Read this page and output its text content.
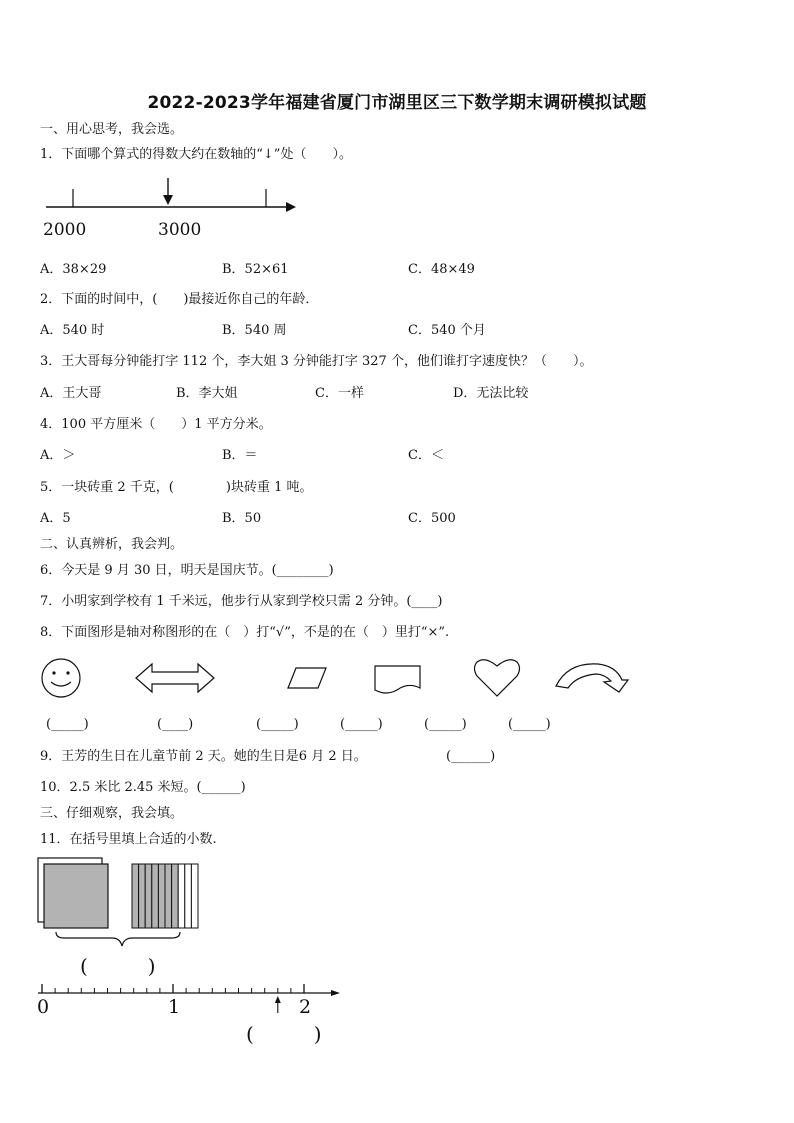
2022-2023学年福建省厦门市湖里区三下数学期末调研模拟试题
一、用心思考，我会选。
1．下面哪个算式的得数大约在数轴的“↓”处（　　）。
2000	3000
A．38×29	B．52×61	C．48×49
2．下面的时间中，(　　)最接近你自己的年龄．
A．540 时	B．540 周	C．540 个月
3．王大哥每分钟能打字 112 个，李大姐 3 分钟能打字 327 个，他们谁打字速度快？（　　）。
A．王大哥	B．李大姐	C．一样	D．无法比较
4．100 平方厘米（　　）1 平方分米。
A．＞	B．＝	C．＜
5．一块砖重 2 千克，(　　　　)块砖重 1 吨。
A．5	B．50	C．500
二、认真辨析，我会判。
6．今天是 9 月 30 日，明天是国庆节。(________)
7．小明家到学校有 1 千米远，他步行从家到学校只需 2 分钟。(____)
8．下面图形是轴对称图形的在（　）打“√”，不是的在（　）里打“×”.
(_____)	(____)	(_____)	(_____)	(_____)	(_____)
9．王芳的生日在儿童节前 2 天。她的生日是6 月 2 日。	(______)
10．2.5 米比 2.45 米短。(______)
三、仔细观察，我会填。
11．在括号里填上合适的小数.
0	1	2
(　　　)
(　　　)
